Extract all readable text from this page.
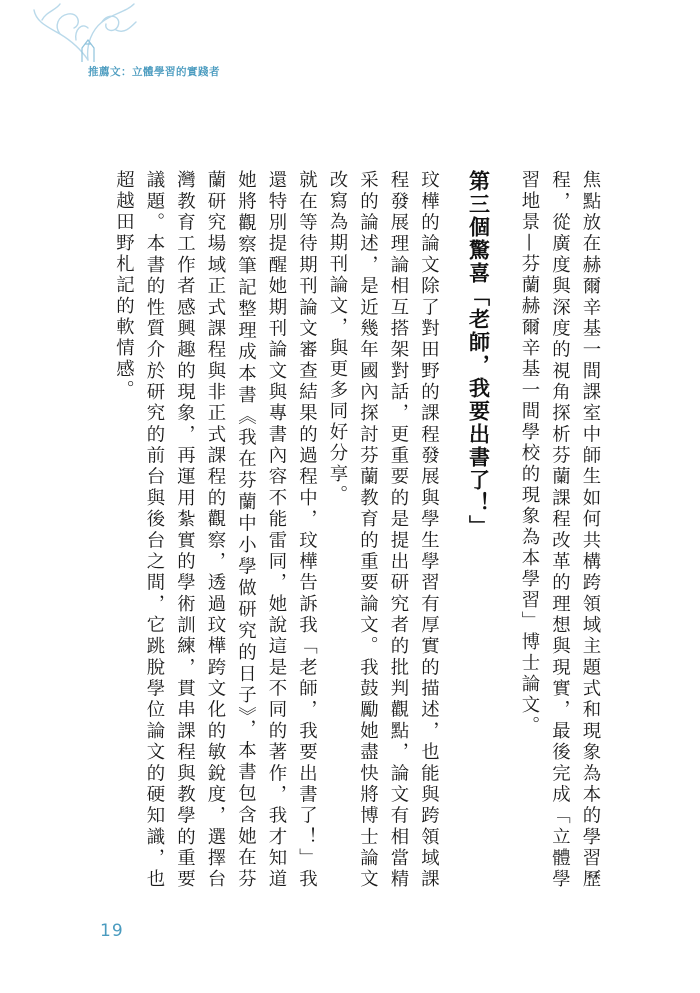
推薦文：立體學習的實踐者

焦點放在赫爾辛基一間課室中師生如何共構跨領域主題式和現象為本的學習歷程，從廣度與深度的視角探析芬蘭課程改革的理想與現實，最後完成「立體學習地景—芬蘭赫爾辛基一間學校的現象為本學習」博士論文。

第三個驚喜「老師，我要出書了！」

玟樺的論文除了對田野的課程發展與學生學習有厚實的描述，也能與跨領域課程發展理論相互搭架對話，更重要的是提出研究者的批判觀點，論文有相當精采的論述，是近幾年國內探討芬蘭教育的重要論文。我鼓勵她盡快將博士論文改寫為期刊論文，與更多同好分享。

就在等待期刊論文審查結果的過程中，玟樺告訴我「老師，我要出書了！」我還特別提醒她期刊論文與專書內容不能雷同，她說這是不同的著作，我才知道她將觀察筆記整理成本書《我在芬蘭中小學做研究的日子》，本書包含她在芬蘭研究場域正式課程與非正式課程的觀察，透過玟樺跨文化的敏銳度，選擇台灣教育工作者感興趣的現象，再運用紮實的學術訓練，貫串課程與教學的重要議題。本書的性質介於研究的前台與後台之間，它跳脫學位論文的硬知識，也超越田野札記的軟情感。

19
